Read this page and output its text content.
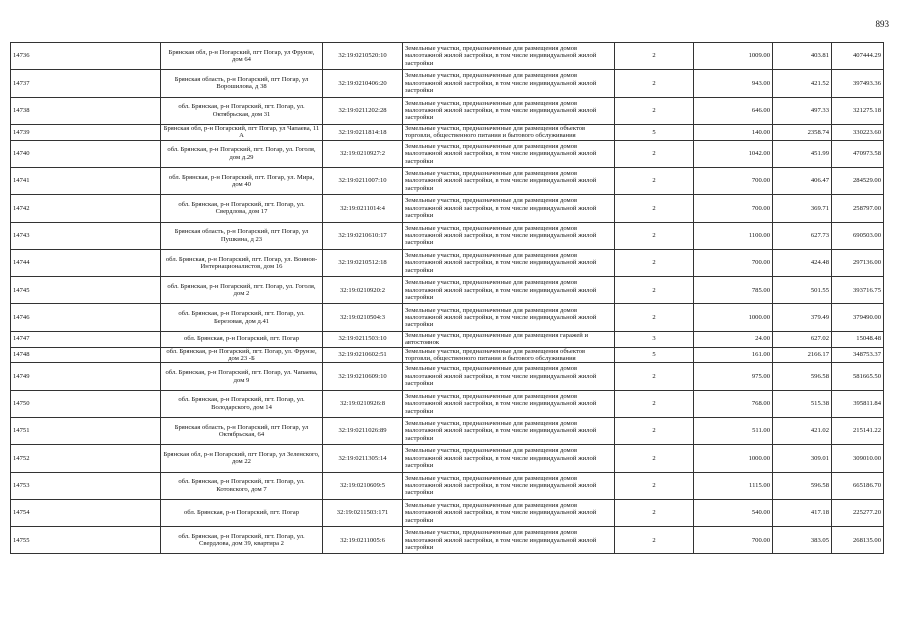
893
14736	Брянская обл, р-н Погарский, пгт Погар, ул Фрунзе, дом 64	32:19:0210520:10	Земельные участки, предназначенные для размещения домов малоэтажной жилой застройки, в том числе индивидуальной жилой застройки	2	1009.00	403.81	407444.29
14737	Брянская область, р-н Погарский, пгт Погар, ул Ворошилова, д 38	32:19:0210406:20	Земельные участки, предназначенные для размещения домов малоэтажной жилой застройки, в том числе индивидуальной жилой застройки	2	943.00	421.52	397493.36
14738	обл. Брянская, р-н Погарский, пгт. Погар, ул. Октябрьская, дом 31	32:19:0211202:28	Земельные участки, предназначенные для размещения домов малоэтажной жилой застройки, в том числе индивидуальной жилой застройки	2	646.00	497.33	321275.18
14739	Брянская обл, р-н Погарский, пгт Погар, ул Чапаева, 11 А	32:19:0211814:18	Земельные участки, предназначенные для размещения объектов торговли, общественного питания и бытового обслуживания	5	140.00	2358.74	330223.60
14740	обл. Брянская, р-н Погарский, пгт. Погар, ул. Гоголя, дом д.29	32:19:0210927:2	Земельные участки, предназначенные для размещения домов малоэтажной жилой застройки, в том числе индивидуальной жилой застройки	2	1042.00	451.99	470973.58
14741	обл. Брянская, р-н Погарский, пгт. Погар, ул. Мира, дом 40	32:19:0211007:10	Земельные участки, предназначенные для размещения домов малоэтажной жилой застройки, в том числе индивидуальной жилой застройки	2	700.00	406.47	284529.00
14742	обл. Брянская, р-н Погарский, пгт. Погар, ул. Свердлова, дом 17	32:19:0211014:4	Земельные участки, предназначенные для размещения домов малоэтажной жилой застройки, в том числе индивидуальной жилой застройки	2	700.00	369.71	258797.00
14743	Брянская область, р-н Погарский, пгт Погар, ул Пушкина, д 23	32:19:0210610:17	Земельные участки, предназначенные для размещения домов малоэтажной жилой застройки, в том числе индивидуальной жилой застройки	2	1100.00	627.73	690503.00
14744	обл. Брянская, р-н Погарский, пгт. Погар, ул. Воинов-Интернационалистов, дом 16	32:19:0210512:18	Земельные участки, предназначенные для размещения домов малоэтажной жилой застройки, в том числе индивидуальной жилой застройки	2	700.00	424.48	297136.00
14745	обл. Брянская, р-н Погарский, пгт. Погар, ул. Гоголя, дом 2	32:19:0210920:2	Земельные участки, предназначенные для размещения домов малоэтажной жилой застройки, в том числе индивидуальной жилой застройки	2	785.00	501.55	393716.75
14746	обл. Брянская, р-н Погарский, пгт. Погар, ул. Березовая, дом д.41	32:19:0210504:3	Земельные участки, предназначенные для размещения домов малоэтажной жилой застройки, в том числе индивидуальной жилой застройки	2	1000.00	379.49	379490.00
14747	обл. Брянская, р-н Погарский, пгт. Погар	32:19:0211503:10	Земельные участки, предназначенные для размещения гаражей и автостоянок	3	24.00	627.02	15048.48
14748	обл. Брянская, р-н Погарский, пгт. Погар, ул. Фрунзе, дом 23 -Б	32:19:0210602:51	Земельные участки, предназначенные для размещения объектов торговли, общественного питания и бытового обслуживания	5	161.00	2166.17	348753.37
14749	обл. Брянская, р-н Погарский, пгт. Погар, ул. Чапаева, дом 9	32:19:0210609:10	Земельные участки, предназначенные для размещения домов малоэтажной жилой застройки, в том числе индивидуальной жилой застройки	2	975.00	596.58	581665.50
14750	обл. Брянская, р-н Погарский, пгт. Погар, ул. Володарского, дом 14	32:19:0210926:8	Земельные участки, предназначенные для размещения домов малоэтажной жилой застройки, в том числе индивидуальной жилой застройки	2	768.00	515.38	395811.84
14751	Брянская область, р-н Погарский, пгт Погар, ул Октябрьская, 64	32:19:0211026:89	Земельные участки, предназначенные для размещения домов малоэтажной жилой застройки, в том числе индивидуальной жилой застройки	2	511.00	421.02	215141.22
14752	Брянская обл, р-н Погарский, пгт Погар, ул Зеленского, дом 22	32:19:0211305:14	Земельные участки, предназначенные для размещения домов малоэтажной жилой застройки, в том числе индивидуальной жилой застройки	2	1000.00	309.01	309010.00
14753	обл. Брянская, р-н Погарский, пгт. Погар, ул. Котовского, дом 7	32:19:0210609:5	Земельные участки, предназначенные для размещения домов малоэтажной жилой застройки, в том числе индивидуальной жилой застройки	2	1115.00	596.58	665186.70
14754	обл. Брянская, р-н Погарский, пгт. Погар	32:19:0211503:171	Земельные участки, предназначенные для размещения домов малоэтажной жилой застройки, в том числе индивидуальной жилой застройки	2	540.00	417.18	225277.20
14755	обл. Брянская, р-н Погарский, пгт. Погар, ул. Свердлова, дом 39, квартира 2	32:19:0211005:6	Земельные участки, предназначенные для размещения домов малоэтажной жилой застройки, в том числе индивидуальной жилой застройки	2	700.00	383.05	268135.00
